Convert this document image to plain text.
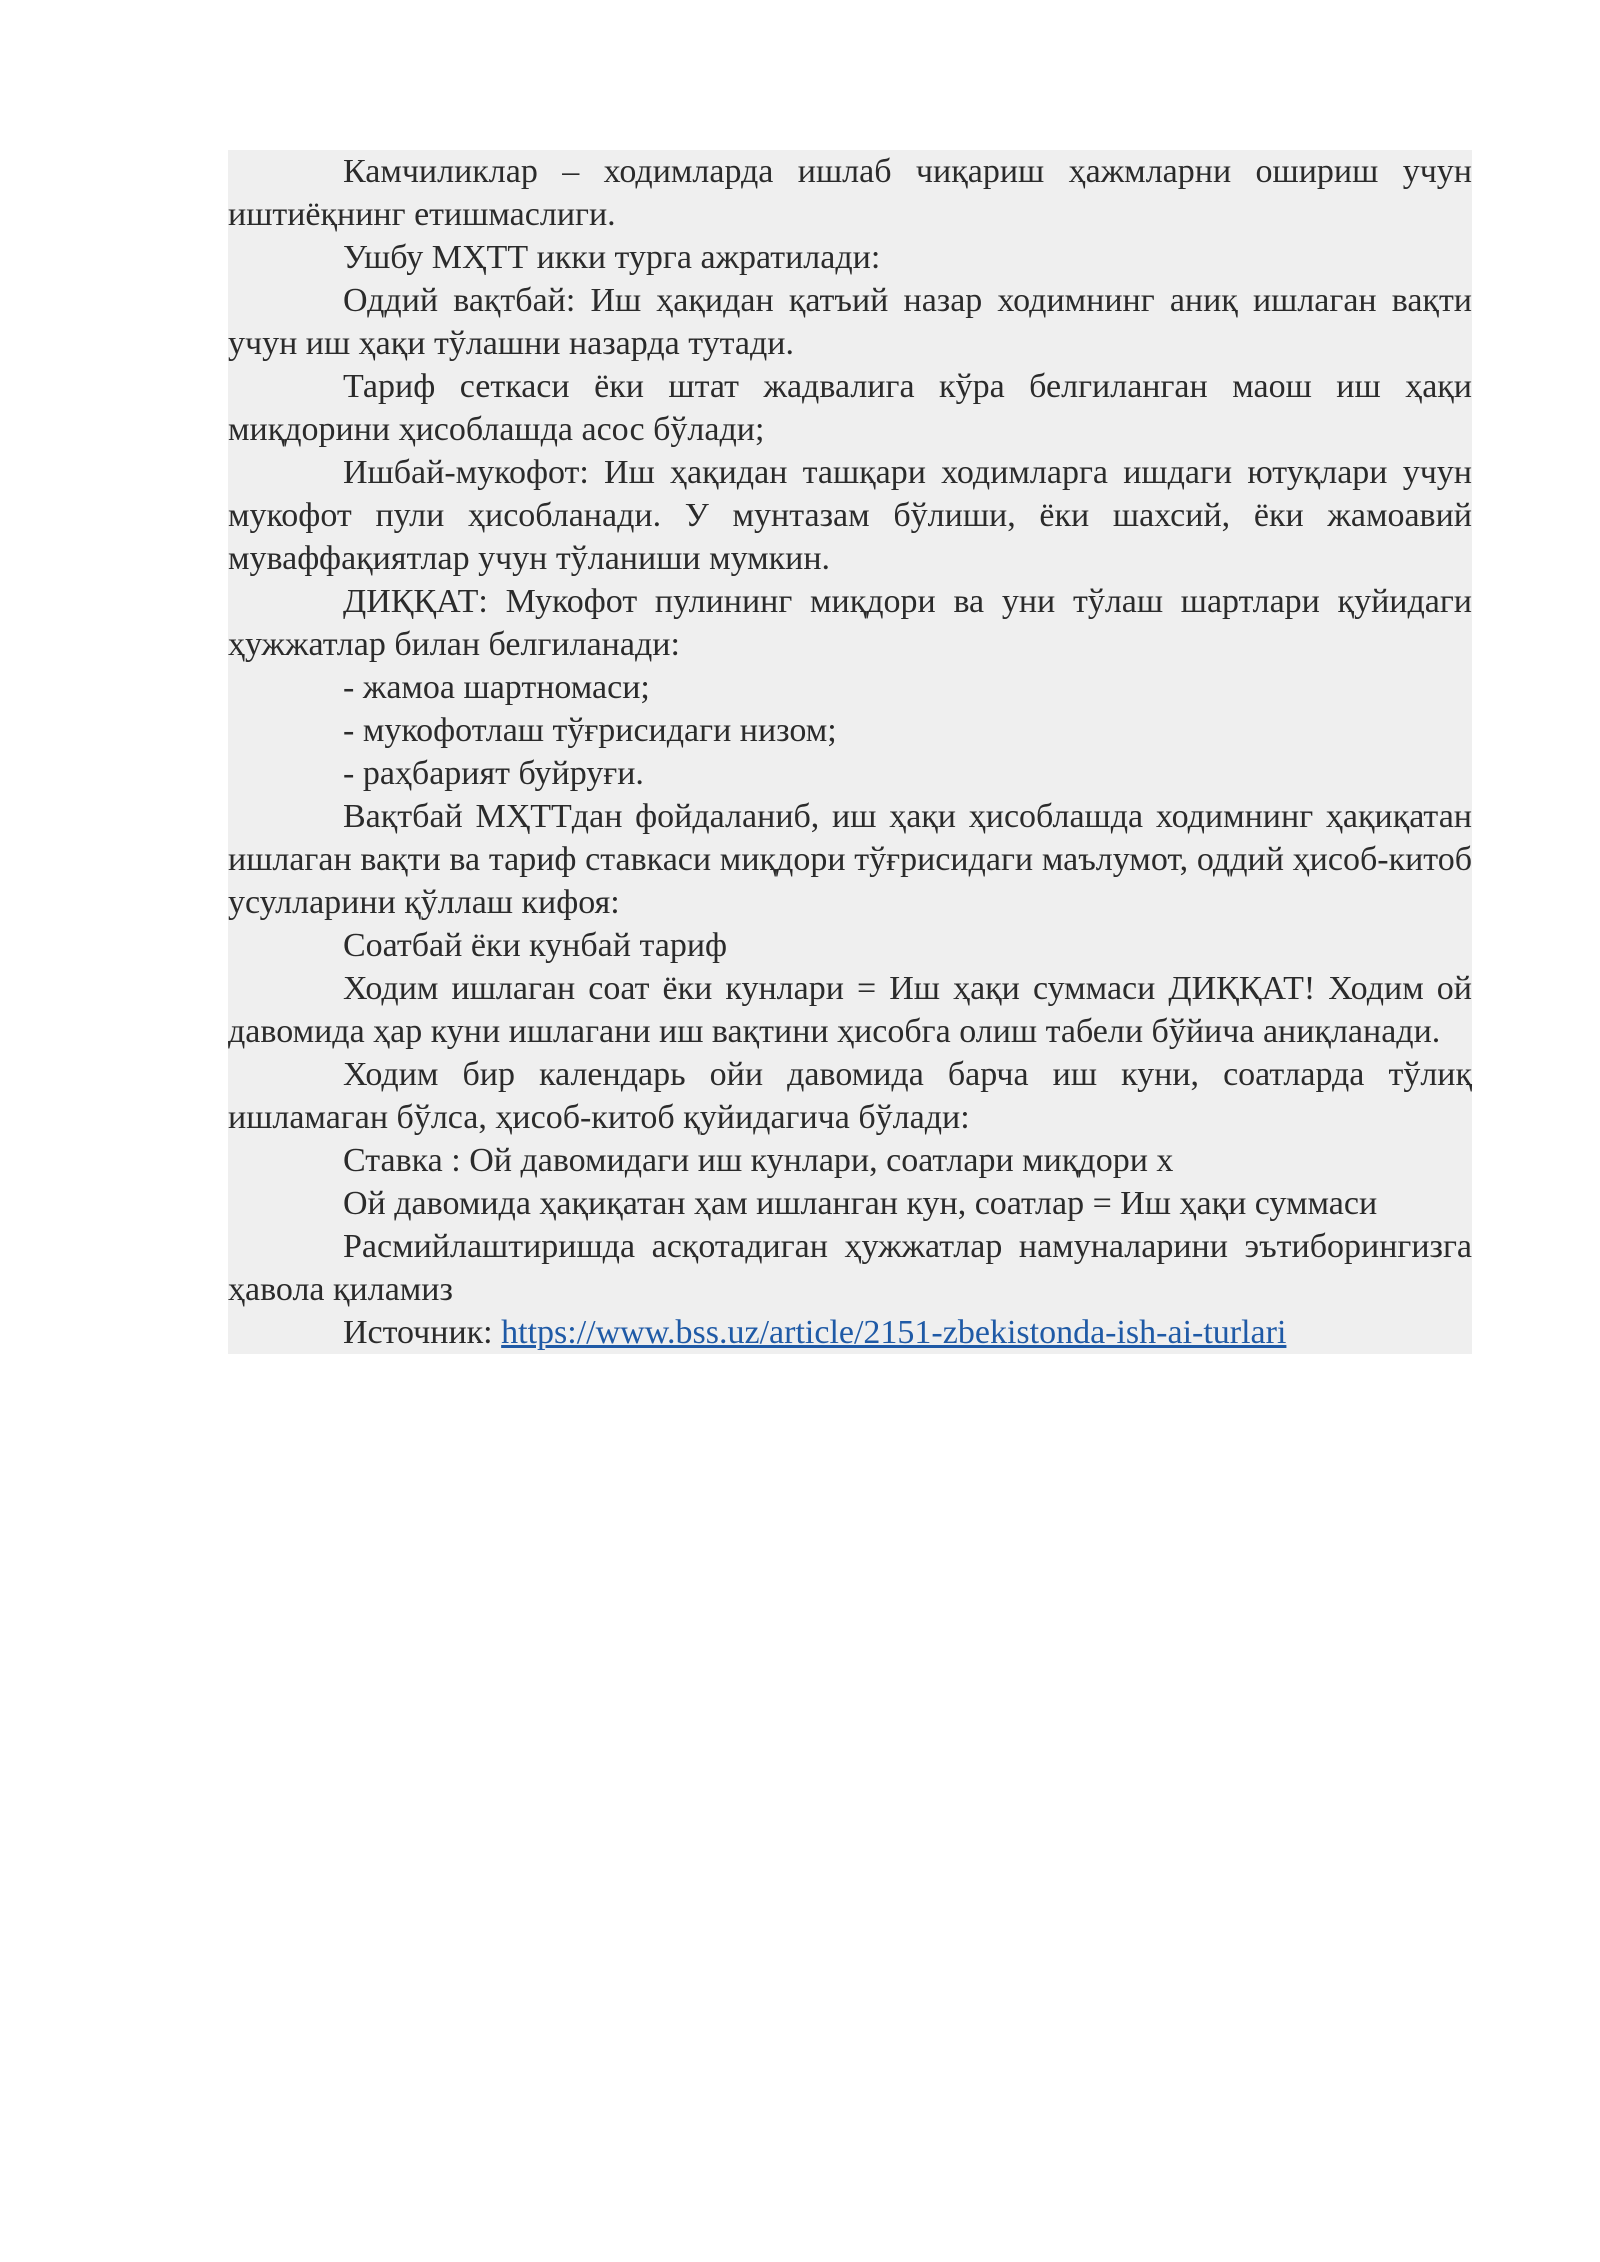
Камчиликлар – ходимларда ишлаб чиқариш ҳажмларни ошириш учун иштиёқнинг етишмаслиги.

Ушбу МҲТТ икки турга ажратилади:

Оддий вақтбай: Иш ҳақидан қатъий назар ходимнинг аниқ ишлаган вақти учун иш ҳақи тўлашни назарда тутади.

Тариф сеткаси ёки штат жадвалига кўра белгиланган маош иш ҳақи миқдорини ҳисоблашда асос бўлади;

Ишбай-мукофот: Иш ҳақидан ташқари ходимларга ишдаги ютуқлари учун мукофот пули ҳисобланади. У мунтазам бўлиши, ёки шахсий, ёки жамоавий муваффақиятлар учун тўланиши мумкин.

ДИҚҚАТ: Мукофот пулининг миқдори ва уни тўлаш шартлари қуйидаги ҳужжатлар билан белгиланади:

- жамоа шартномаси;

- мукофотлаш тўғрисидаги низом;

- раҳбарият буйруғи.

Вақтбай МҲТТдан фойдаланиб, иш ҳақи ҳисоблашда ходимнинг ҳақиқатан ишлаган вақти ва тариф ставкаси миқдори тўғрисидаги маълумот, оддий ҳисоб-китоб усулларини қўллаш кифоя:

Соатбай ёки кунбай тариф

Ходим ишлаган соат ёки кунлари = Иш ҳақи суммаси ДИҚҚАТ! Ходим ой давомида ҳар куни ишлагани иш вақтини ҳисобга олиш табели бўйича аниқланади.

Ходим бир календарь ойи давомида барча иш куни, соатларда тўлиқ ишламаган бўлса, ҳисоб-китоб қуйидагича бўлади:

Ставка : Ой давомидаги иш кунлари, соатлари миқдори х

Ой давомида ҳақиқатан ҳам ишланган кун, соатлар = Иш ҳақи суммаси

Расмийлаштиришда асқотадиган ҳужжатлар намуналарини эътиборингизга ҳавола қиламиз

Источник: https://www.bss.uz/article/2151-zbekistonda-ish-ai-turlari
